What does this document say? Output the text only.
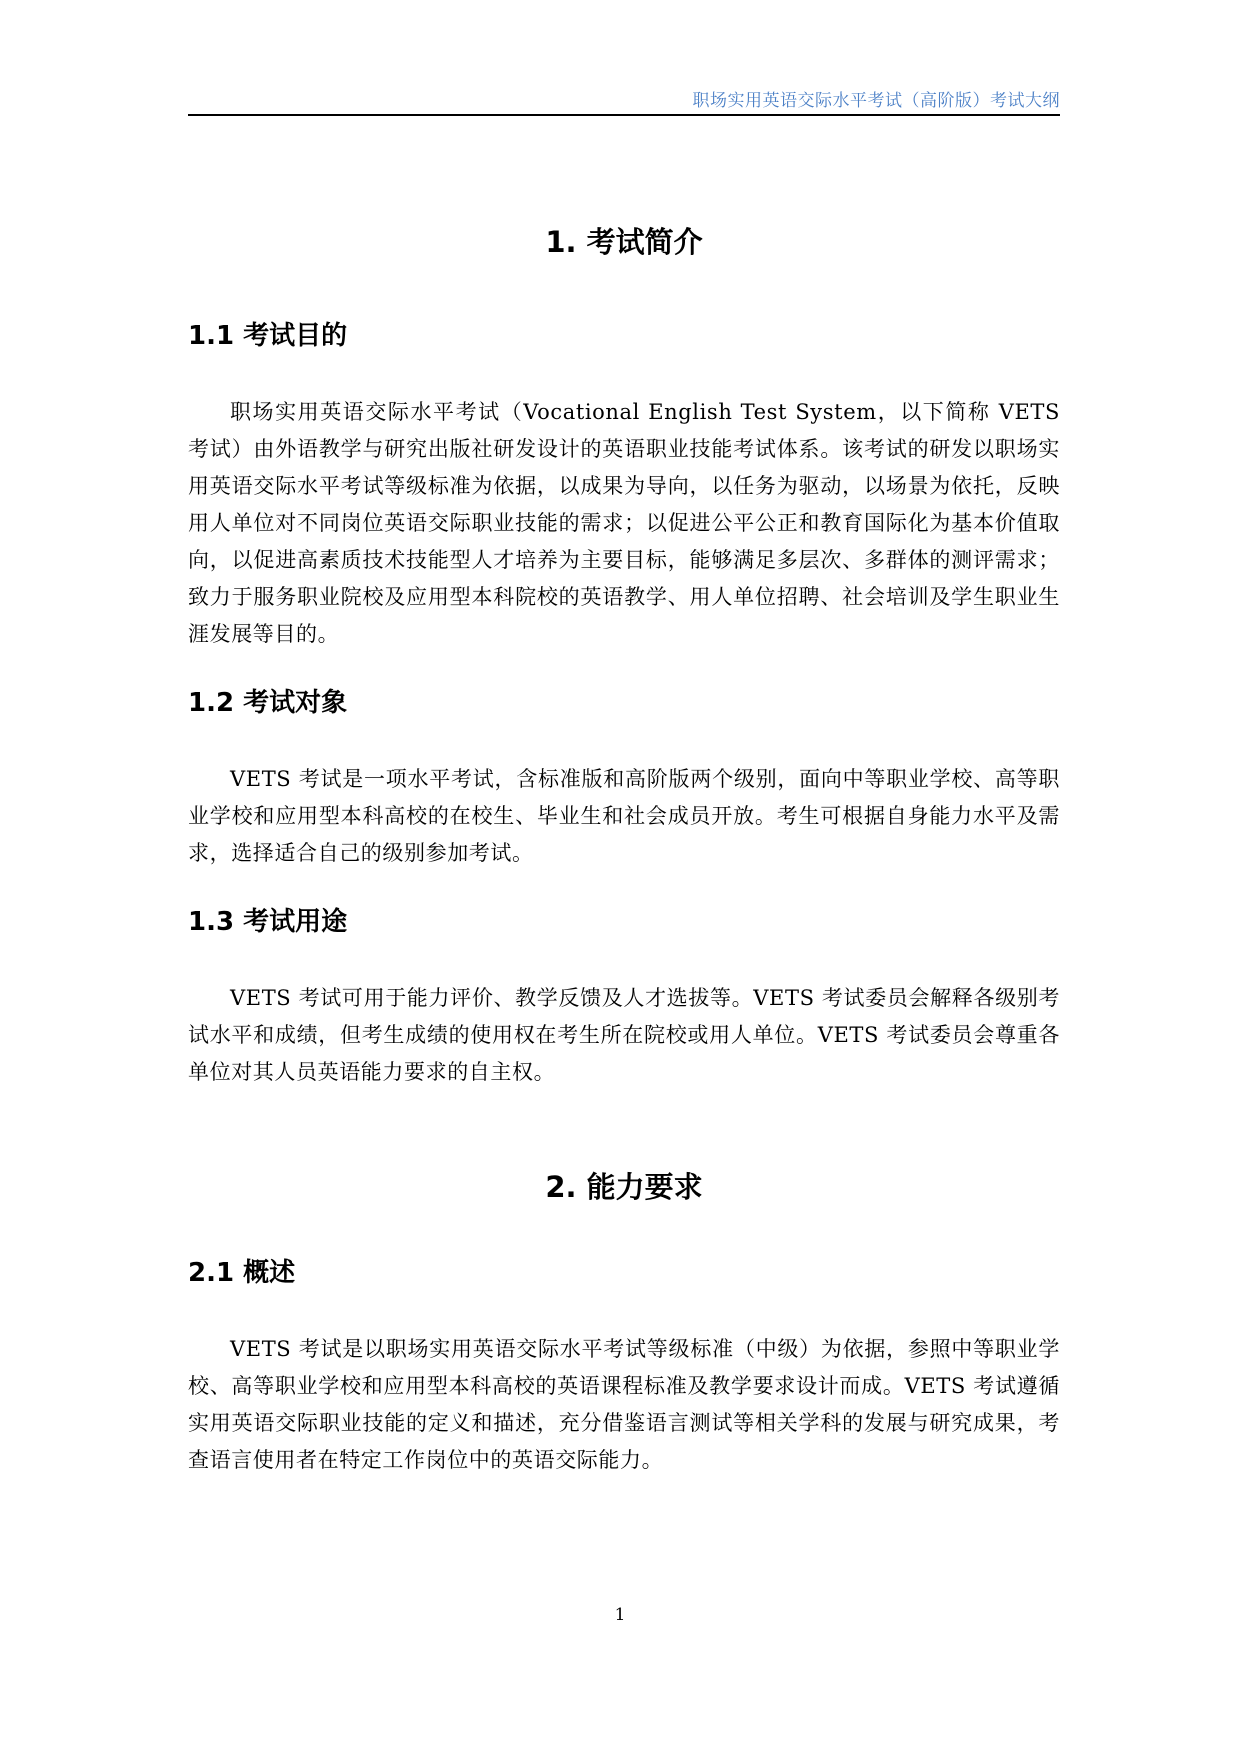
职场实用英语交际水平考试（高阶版）考试大纲
1. 考试简介
1.1 考试目的

职场实用英语交际水平考试（Vocational English Test System，以下简称 VETS 考试）由外语教学与研究出版社研发设计的英语职业技能考试体系。该考试的研发以职场实用英语交际水平考试等级标准为依据，以成果为导向，以任务为驱动，以场景为依托，反映用人单位对不同岗位英语交际职业技能的需求；以促进公平公正和教育国际化为基本价值取向，以促进高素质技术技能型人才培养为主要目标，能够满足多层次、多群体的测评需求；致力于服务职业院校及应用型本科院校的英语教学、用人单位招聘、社会培训及学生职业生涯发展等目的。

1.2 考试对象

VETS 考试是一项水平考试，含标准版和高阶版两个级别，面向中等职业学校、高等职业学校和应用型本科高校的在校生、毕业生和社会成员开放。考生可根据自身能力水平及需求，选择适合自己的级别参加考试。

1.3 考试用途

VETS 考试可用于能力评价、教学反馈及人才选拔等。VETS 考试委员会解释各级别考试水平和成绩，但考生成绩的使用权在考生所在院校或用人单位。VETS 考试委员会尊重各单位对其人员英语能力要求的自主权。

2. 能力要求
2.1 概述

VETS 考试是以职场实用英语交际水平考试等级标准（中级）为依据，参照中等职业学校、高等职业学校和应用型本科高校的英语课程标准及教学要求设计而成。VETS 考试遵循实用英语交际职业技能的定义和描述，充分借鉴语言测试等相关学科的发展与研究成果，考查语言使用者在特定工作岗位中的英语交际能力。

1
